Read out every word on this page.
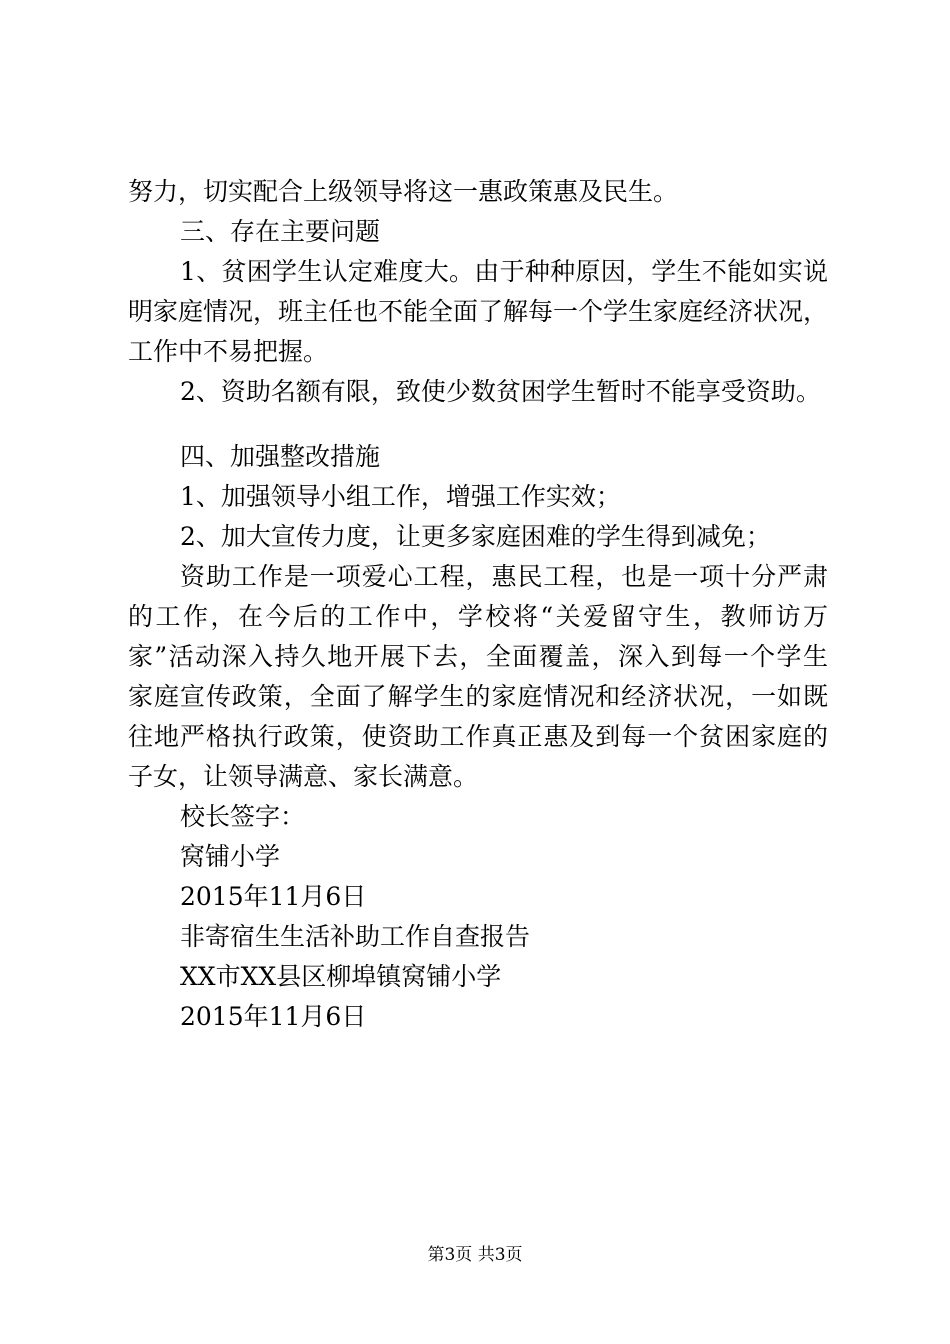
努力，切实配合上级领导将这一惠政策惠及民生。
三、存在主要问题
1、贫困学生认定难度大。由于种种原因，学生不能如实说
明家庭情况，班主任也不能全面了解每一个学生家庭经济状况，
工作中不易把握。
2、资助名额有限，致使少数贫困学生暂时不能享受资助。
四、加强整改措施
1、加强领导小组工作，增强工作实效；
2、加大宣传力度，让更多家庭困难的学生得到减免；
资助工作是一项爱心工程，惠民工程，也是一项十分严肃
的工作，在今后的工作中，学校将“关爱留守生，教师访万
家”活动深入持久地开展下去，全面覆盖，深入到每一个学生
家庭宣传政策，全面了解学生的家庭情况和经济状况，一如既
往地严格执行政策，使资助工作真正惠及到每一个贫困家庭的
子女，让领导满意、家长满意。
校长签字：
窝铺小学
2015年11月6日
非寄宿生生活补助工作自查报告
XX市XX县区柳埠镇窝铺小学
2015年11月6日
第3页 共3页
